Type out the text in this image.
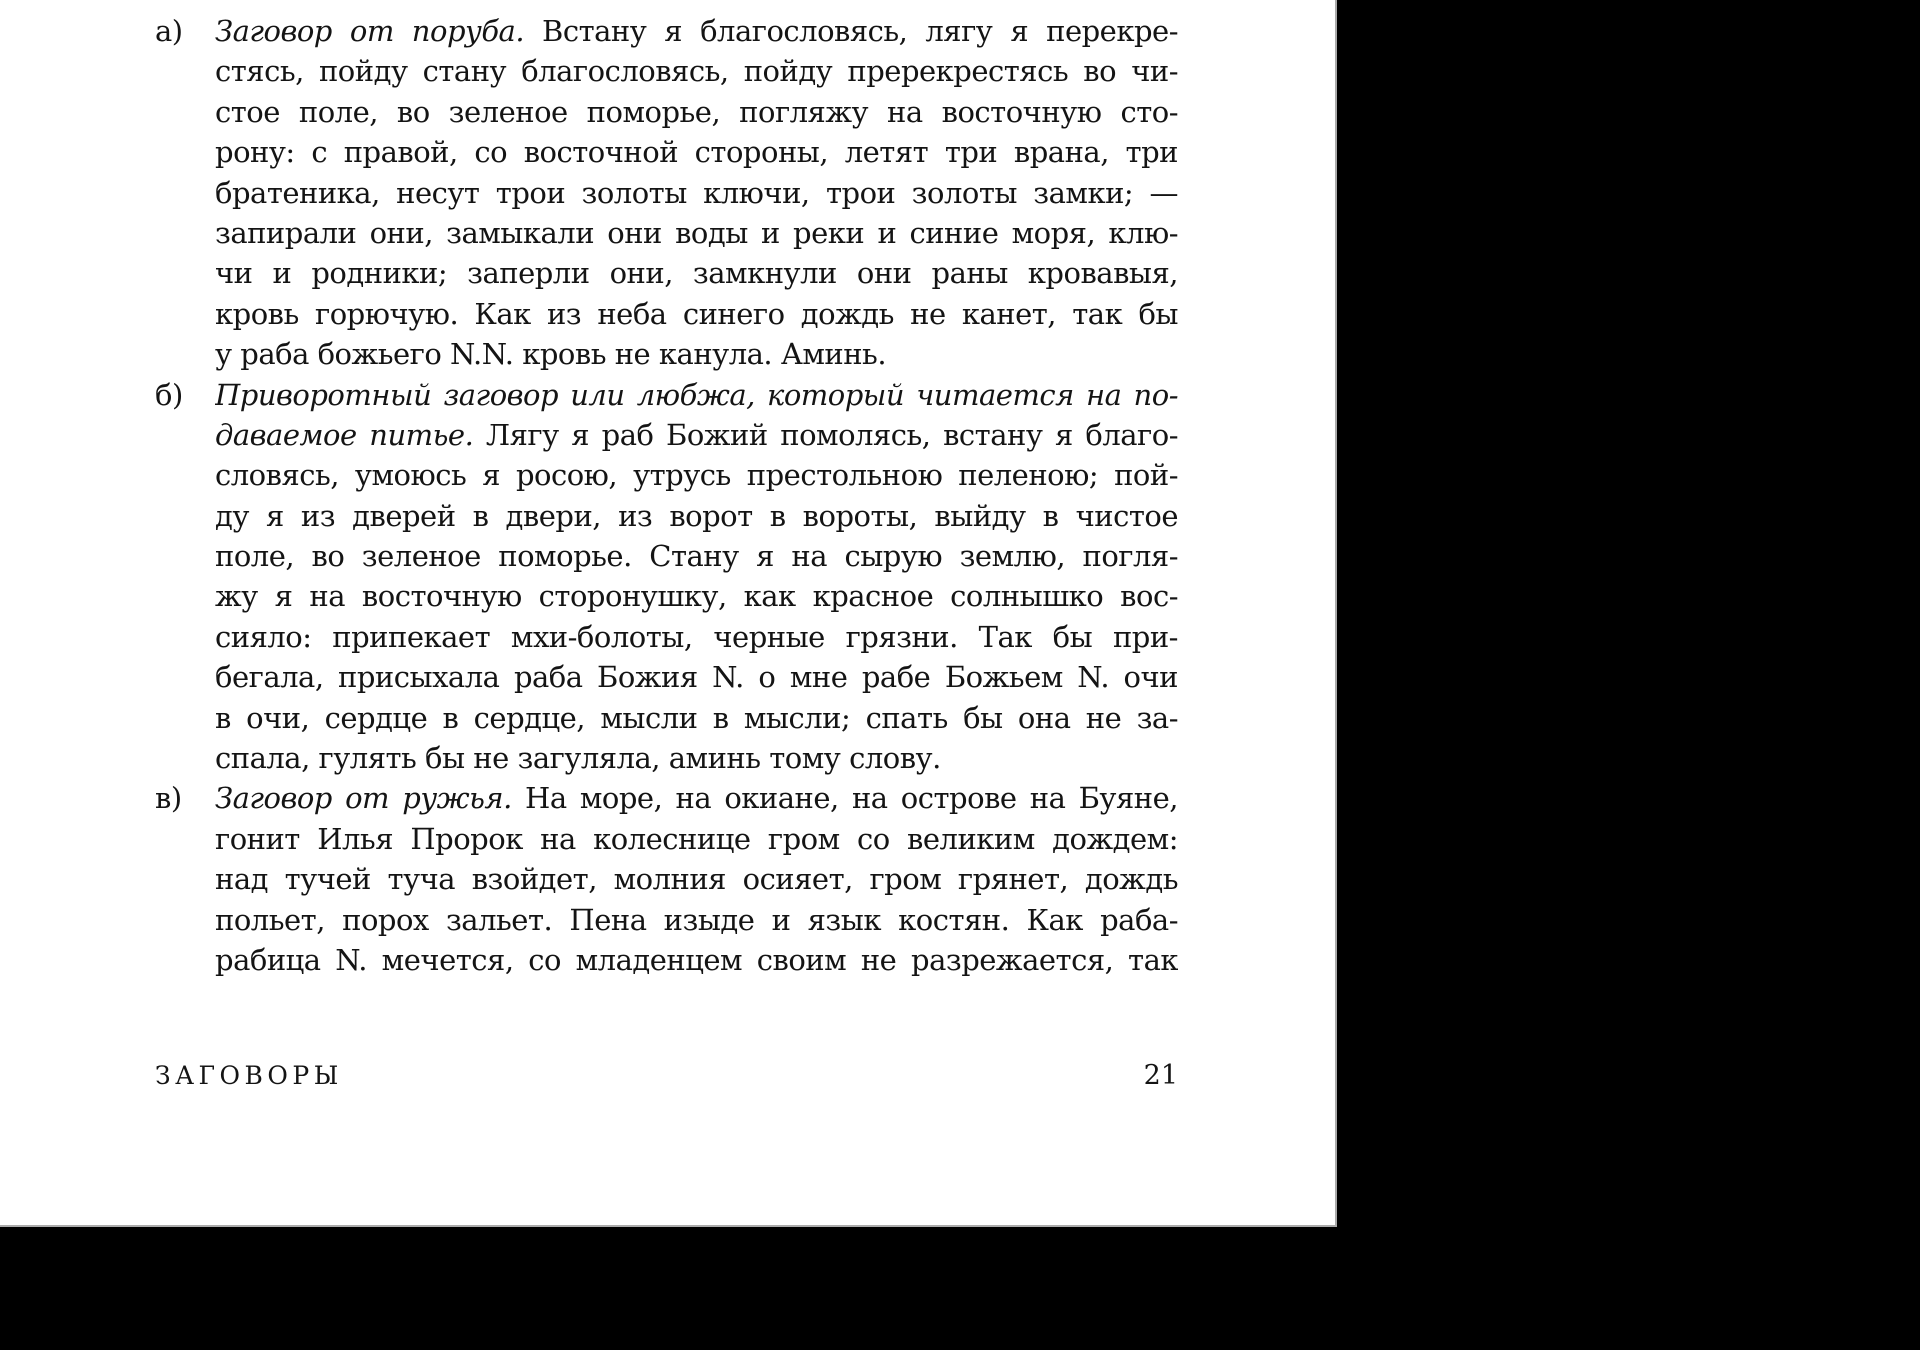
а)	Заговор от поруба. Встану я благословясь, лягу я перекре-
стясь, пойду стану благословясь, пойду пререкрестясь во чи-
стое поле, во зеленое поморье, погляжу на восточную сто-
рону: с правой, со восточной стороны, летят три врана, три
братеника, несут трои золоты ключи, трои золоты замки; —
запирали они, замыкали они воды и реки и синие моря, клю-
чи и родники; заперли они, замкнули они раны кровавыя,
кровь горючую. Как из неба синего дождь не канет, так бы
у раба божьего N.N. кровь не канула. Аминь.
б)	Приворотный заговор или любжа, который читается на по-
даваемое питье. Лягу я раб Божий помолясь, встану я благо-
словясь, умоюсь я росою, утрусь престольною пеленою; пой-
ду я из дверей в двери, из ворот в вороты, выйду в чистое
поле, во зеленое поморье. Стану я на сырую землю, погля-
жу я на восточную сторонушку, как красное солнышко вос-
сияло: припекает мхи-болоты, черные грязни. Так бы при-
бегала, присыхала раба Божия N. о мне рабе Божьем N. очи
в очи, сердце в сердце, мысли в мысли; спать бы она не за-
спала, гулять бы не загуляла, аминь тому слову.
в)	Заговор от ружья. На море, на окиане, на острове на Буяне,
гонит Илья Пророк на колеснице гром со великим дождем:
над тучей туча взойдет, молния осияет, гром грянет, дождь
польет, порох зальет. Пена изыде и язык костян. Как раба-
рабица N. мечется, со младенцем своим не разрежается, так
ЗАГОВОРЫ	21
